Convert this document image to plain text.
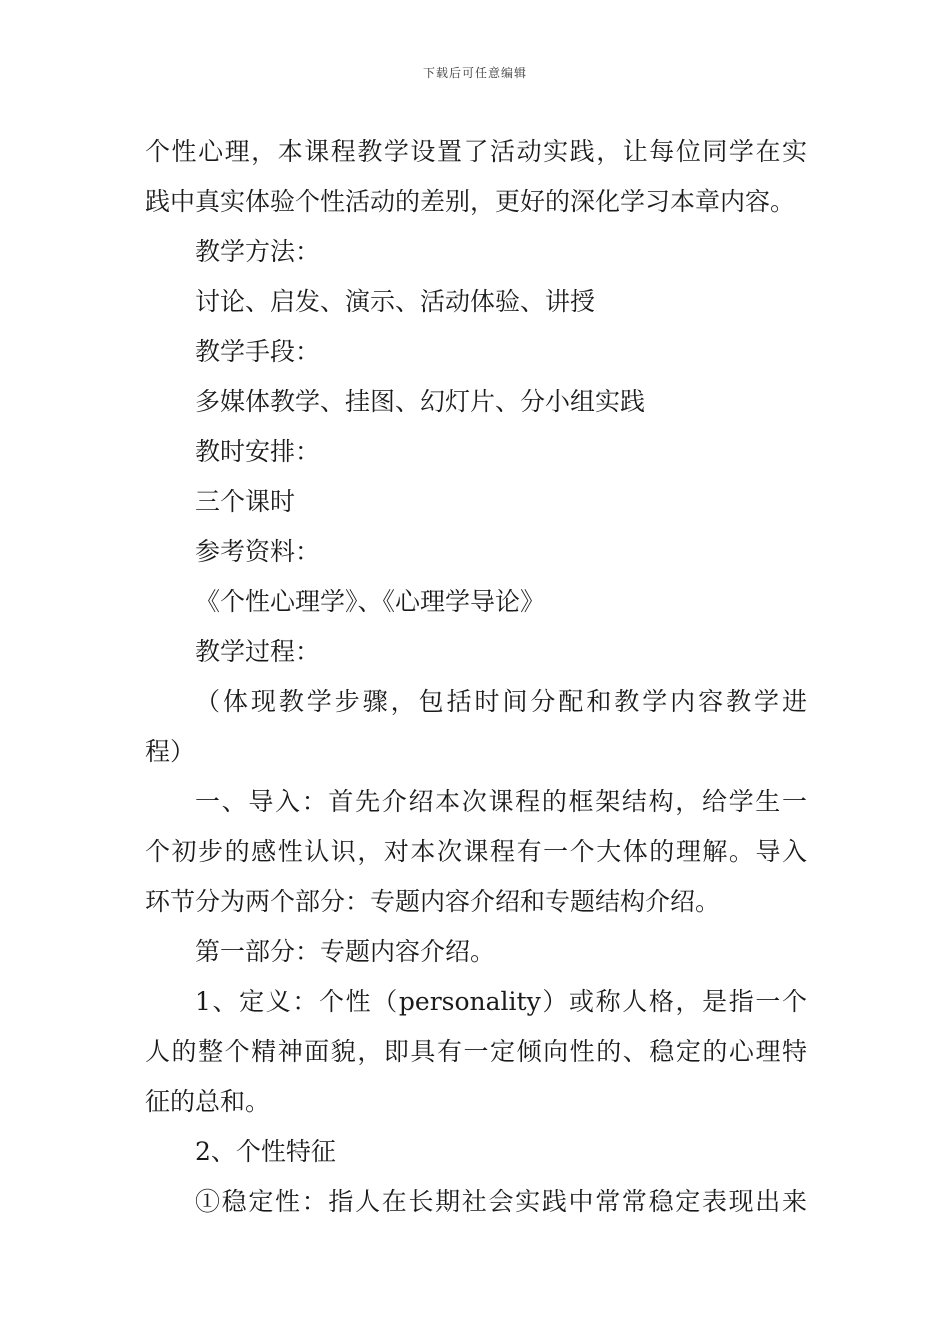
下载后可任意编辑
个性心理，本课程教学设置了活动实践，让每位同学在实
践中真实体验个性活动的差别，更好的深化学习本章内容。
教学方法：
讨论、启发、演示、活动体验、讲授
教学手段：
多媒体教学、挂图、幻灯片、分小组实践
教时安排：
三个课时
参考资料：
《个性心理学》、《心理学导论》
教学过程：
（体现教学步骤，包括时间分配和教学内容教学进
程）
一、导入：首先介绍本次课程的框架结构，给学生一
个初步的感性认识，对本次课程有一个大体的理解。导入
环节分为两个部分：专题内容介绍和专题结构介绍。
第一部分：专题内容介绍。
1、定义：个性（personality）或称人格，是指一个
人的整个精神面貌，即具有一定倾向性的、稳定的心理特
征的总和。
2、个性特征
①稳定性：指人在长期社会实践中常常稳定表现出来
